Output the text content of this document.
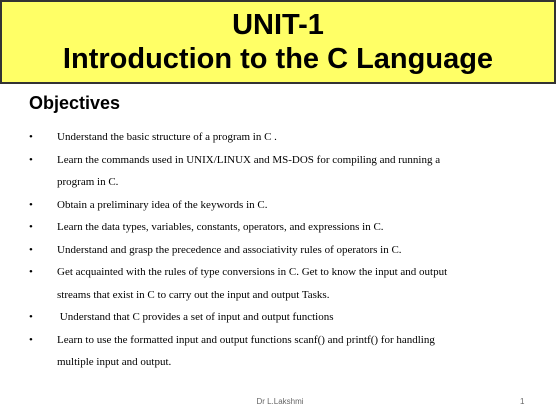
UNIT-1
Introduction to the C Language
Objectives
• Understand the basic structure of a program in C .
• Learn the commands used in UNIX/LINUX and MS-DOS for compiling and running a
program in C.
• Obtain a preliminary idea of the keywords in C.
• Learn the data types, variables, constants, operators, and expressions in C.
• Understand and grasp the precedence and associativity rules of operators in C.
• Get acquainted with the rules of type conversions in C. Get to know the input and output
streams that exist in C to carry out the input and output Tasks.
• Understand that C provides a set of input and output functions
• Learn to use the formatted input and output functions scanf() and printf() for handling
multiple input and output.
Dr L.Lakshmi	1
